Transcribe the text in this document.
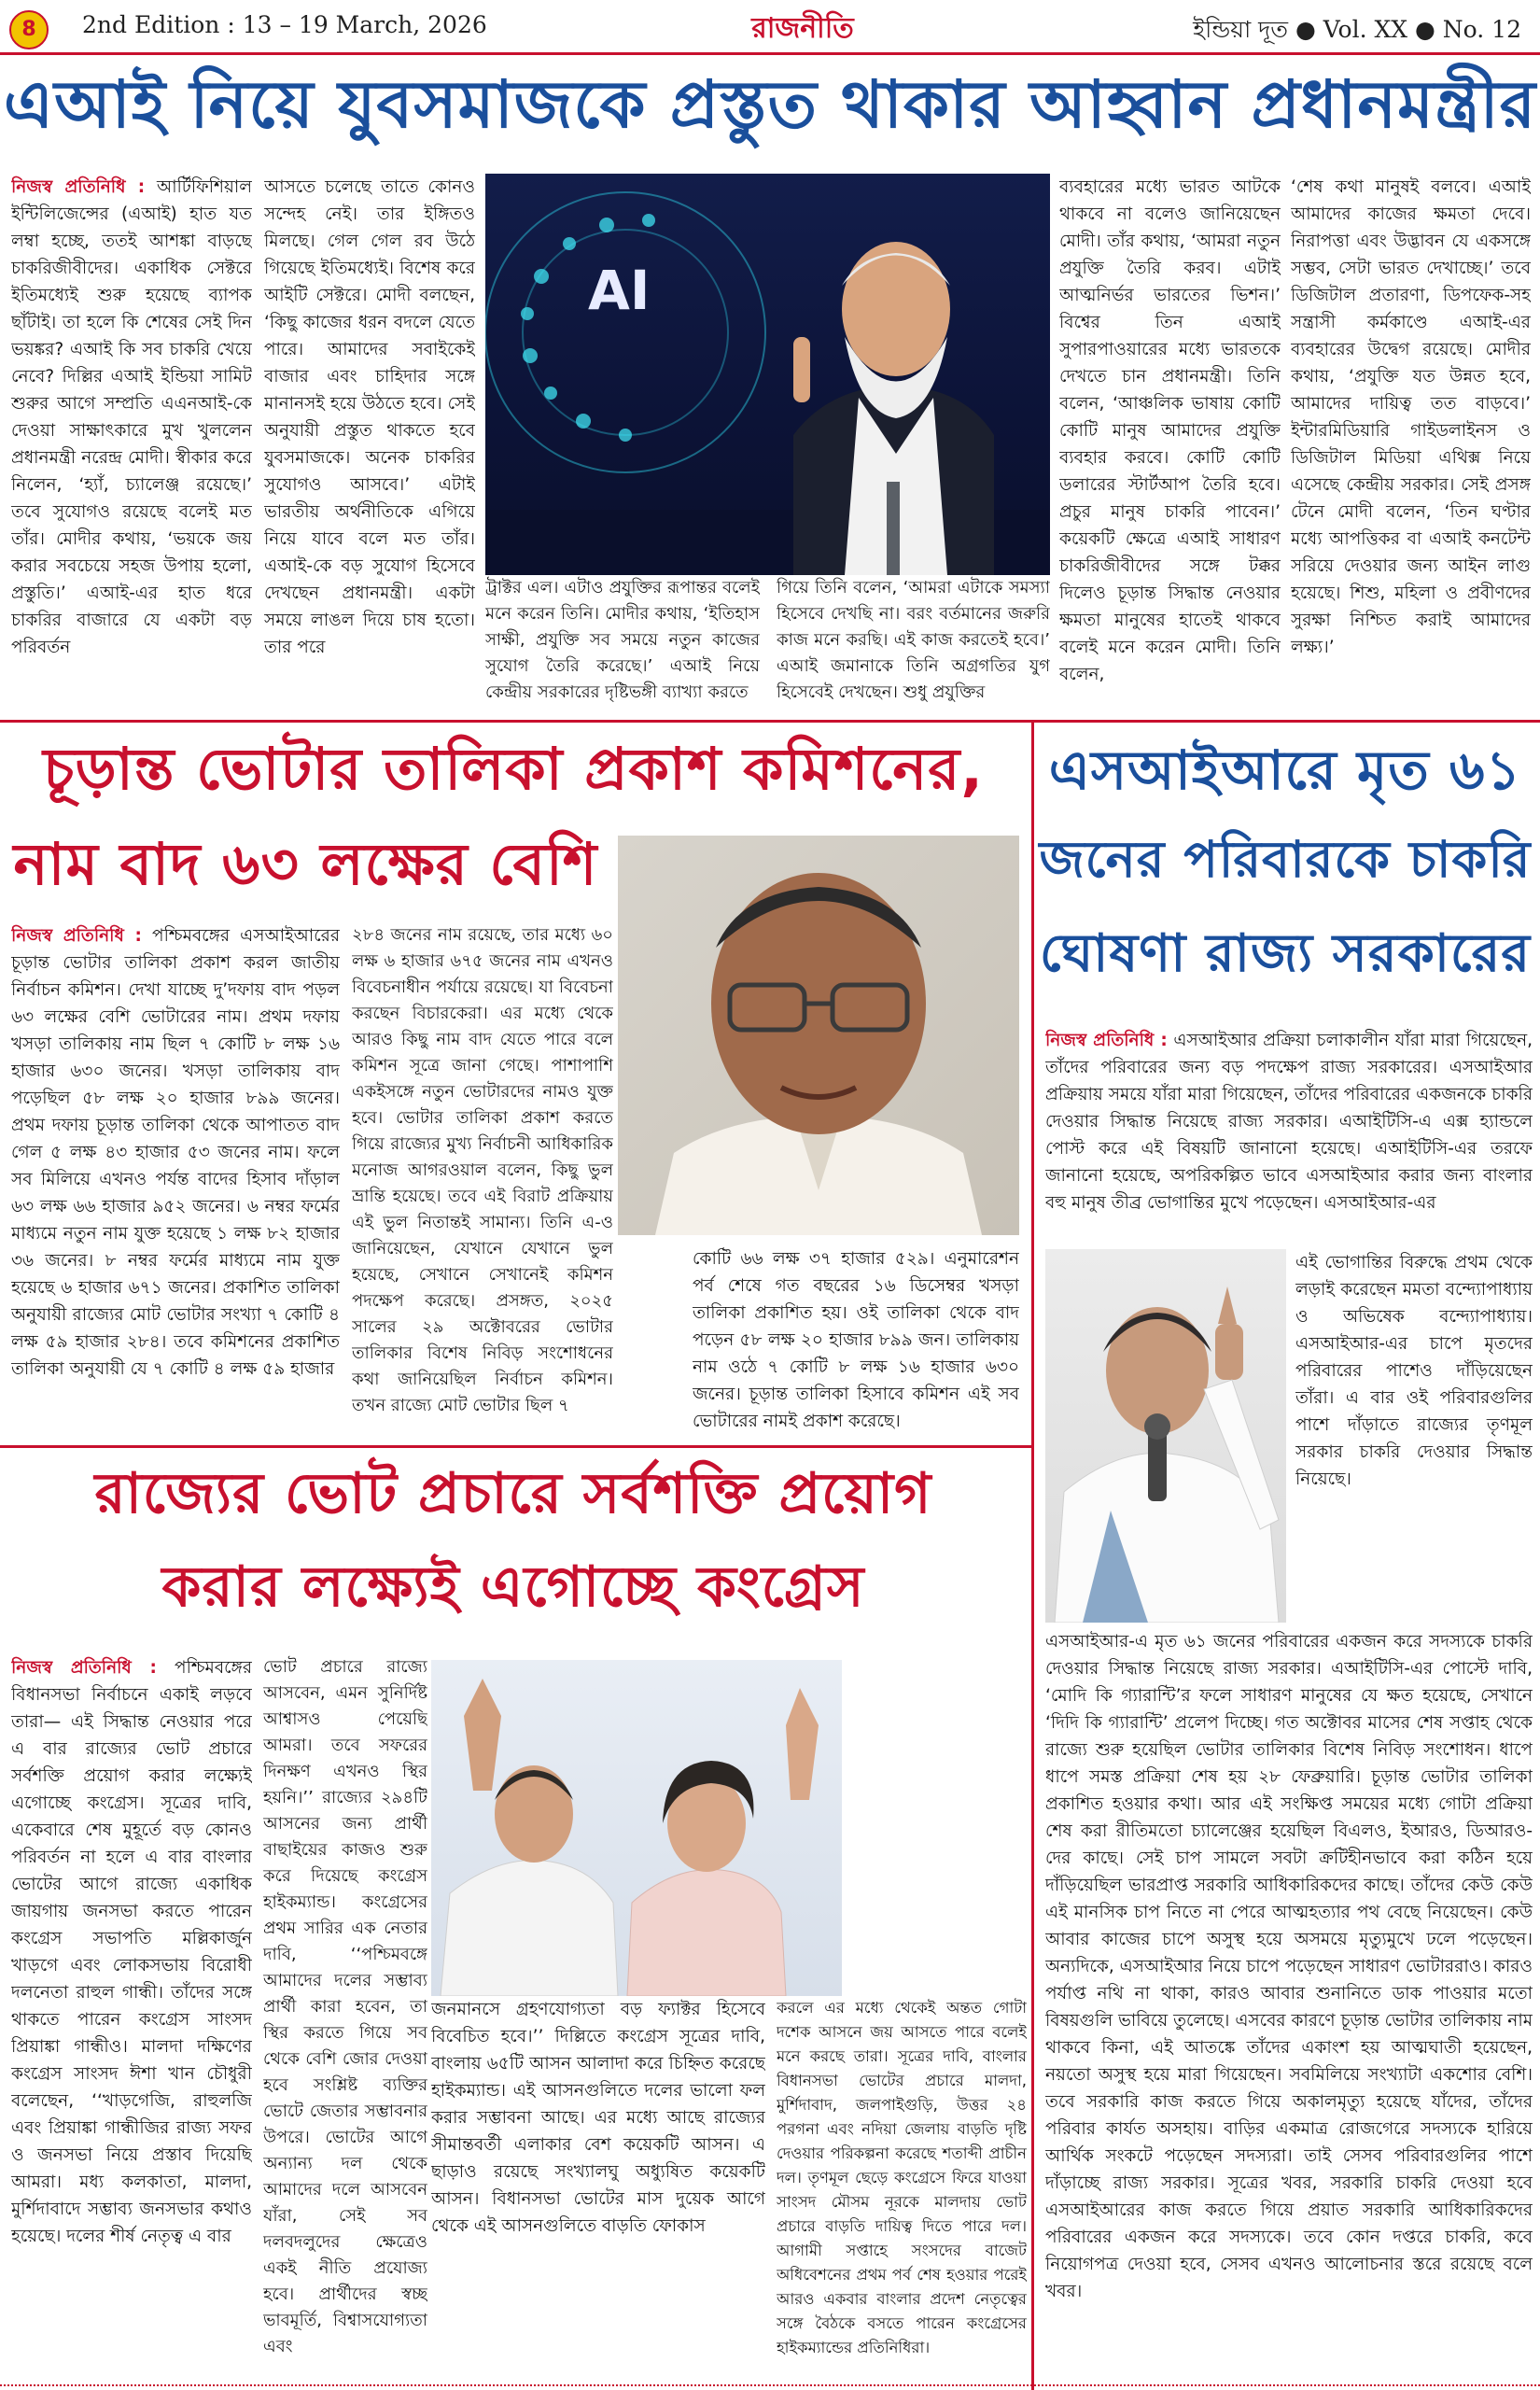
8	2nd Edition : 13 – 19 March, 2026	রাজনীতি	ইন্ডিয়া দূত ● Vol. XX ● No. 12
এআই নিয়ে যুবসমাজকে প্রস্তুত থাকার আহ্বান প্রধানমন্ত্রীর

নিজস্ব প্রতিনিধি : আর্টিফিশিয়াল ইন্টিলিজেন্সের (এআই) হাত যত লম্বা হচ্ছে, ততই আশঙ্কা বাড়ছে চাকরিজীবীদের। একাধিক সেক্টরে ইতিমধ্যেই শুরু হয়েছে ব্যাপক ছাঁটাই। তা হলে কি শেষের সেই দিন ভয়ঙ্কর? এআই কি সব চাকরি খেয়ে নেবে? দিল্লির এআই ইন্ডিয়া সামিট শুরুর আগে সম্প্রতি এএনআই-কে দেওয়া সাক্ষাৎকারে মুখ খুললেন প্রধানমন্ত্রী নরেন্দ্র মোদী। স্বীকার করে নিলেন, ‘হ্যাঁ, চ্যালেঞ্জ রয়েছে।’ তবে সুযোগও রয়েছে বলেই মত তাঁর। মোদীর কথায়, ‘ভয়কে জয় করার সবচেয়ে সহজ উপায় হলো, প্রস্তুতি।’ এআই-এর হাত ধরে চাকরির বাজারে যে একটা বড় পরিবর্তন

আসতে চলেছে তাতে কোনও সন্দেহ নেই। তার ইঙ্গিতও মিলছে। গেল গেল রব উঠে গিয়েছে ইতিমধ্যেই। বিশেষ করে আইটি সেক্টরে। মোদী বলছেন, ‘কিছু কাজের ধরন বদলে যেতে পারে। আমাদের সবাইকেই বাজার এবং চাহিদার সঙ্গে মানানসই হয়ে উঠতে হবে। সেই অনুযায়ী প্রস্তুত থাকতে হবে যুবসমাজকে। অনেক চাকরির সুযোগও আসবে।’ এটাই ভারতীয় অর্থনীতিকে এগিয়ে নিয়ে যাবে বলে মত তাঁর। এআই-কে বড় সুযোগ হিসেবে দেখছেন প্রধানমন্ত্রী। একটা সময়ে লাঙল দিয়ে চাষ হতো। তার পরে
AI
ট্রাক্টর এল। এটাও প্রযুক্তির রূপান্তর বলেই মনে করেন তিনি। মোদীর কথায়, ‘ইতিহাস সাক্ষী, প্রযুক্তি সব সময়ে নতুন কাজের সুযোগ তৈরি করেছে।’ এআই নিয়ে কেন্দ্রীয় সরকারের দৃষ্টিভঙ্গী ব্যাখ্যা করতে
গিয়ে তিনি বলেন, ‘আমরা এটাকে সমস্যা হিসেবে দেখছি না। বরং বর্তমানের জরুরি কাজ মনে করছি। এই কাজ করতেই হবে।’ এআই জমানাকে তিনি অগ্রগতির যুগ হিসেবেই দেখছেন। শুধু প্রযুক্তির
ব্যবহারের মধ্যে ভারত আটকে থাকবে না বলেও জানিয়েছেন মোদী। তাঁর কথায়, ‘আমরা নতুন প্রযুক্তি তৈরি করব। এটাই আত্মনির্ভর ভারতের ভিশন।’ বিশ্বের তিন এআই সুপারপাওয়ারের মধ্যে ভারতকে দেখতে চান প্রধানমন্ত্রী। তিনি বলেন, ‘আঞ্চলিক ভাষায় কোটি কোটি মানুষ আমাদের প্রযুক্তি ব্যবহার করবে। কোটি কোটি ডলারের স্টার্টআপ তৈরি হবে। প্রচুর মানুষ চাকরি পাবেন।’ কয়েকটি ক্ষেত্রে এআই সাধারণ চাকরিজীবীদের সঙ্গে টক্কর দিলেও চূড়ান্ত সিদ্ধান্ত নেওয়ার ক্ষমতা মানুষের হাতেই থাকবে বলেই মনে করেন মোদী। তিনি বলেন,
‘শেষ কথা মানুষই বলবে। এআই আমাদের কাজের ক্ষমতা দেবে। নিরাপত্তা এবং উদ্ভাবন যে একসঙ্গে সম্ভব, সেটা ভারত দেখাচ্ছে।’ তবে ডিজিটাল প্রতারণা, ডিপফেক-সহ সন্ত্রাসী কর্মকাণ্ডে এআই-এর ব্যবহারের উদ্বেগ রয়েছে। মোদীর কথায়, ‘প্রযুক্তি যত উন্নত হবে, আমাদের দায়িত্ব তত বাড়বে।’ ইন্টারমিডিয়ারি গাইডলাইনস ও ডিজিটাল মিডিয়া এথিক্স নিয়ে এসেছে কেন্দ্রীয় সরকার। সেই প্রসঙ্গ টেনে মোদী বলেন, ‘তিন ঘণ্টার মধ্যে আপত্তিকর বা এআই কনটেন্ট সরিয়ে দেওয়ার জন্য আইন লাগু হয়েছে। শিশু, মহিলা ও প্রবীণদের সুরক্ষা নিশ্চিত করাই আমাদের লক্ষ্য।’
চূড়ান্ত ভোটার তালিকা প্রকাশ কমিশনের,
নাম বাদ ৬৩ লক্ষের বেশি

নিজস্ব প্রতিনিধি : পশ্চিমবঙ্গের এসআইআরের চূড়ান্ত ভোটার তালিকা প্রকাশ করল জাতীয় নির্বাচন কমিশন। দেখা যাচ্ছে দু’দফায় বাদ পড়ল ৬৩ লক্ষের বেশি ভোটারের নাম। প্রথম দফায় খসড়া তালিকায় নাম ছিল ৭ কোটি ৮ লক্ষ ১৬ হাজার ৬৩০ জনের। খসড়া তালিকায় বাদ পড়েছিল ৫৮ লক্ষ ২০ হাজার ৮৯৯ জনের। প্রথম দফায় চূড়ান্ত তালিকা থেকে আপাতত বাদ গেল ৫ লক্ষ ৪৩ হাজার ৫৩ জনের নাম। ফলে সব মিলিয়ে এখনও পর্যন্ত বাদের হিসাব দাঁড়াল ৬৩ লক্ষ ৬৬ হাজার ৯৫২ জনের। ৬ নম্বর ফর্মের মাধ্যমে নতুন নাম যুক্ত হয়েছে ১ লক্ষ ৮২ হাজার ৩৬ জনের। ৮ নম্বর ফর্মের মাধ্যমে নাম যুক্ত হয়েছে ৬ হাজার ৬৭১ জনের। প্রকাশিত তালিকা অনুযায়ী রাজ্যের মোট ভোটার সংখ্যা ৭ কোটি ৪ লক্ষ ৫৯ হাজার ২৮৪। তবে কমিশনের প্রকাশিত তালিকা অনুযায়ী যে ৭ কোটি ৪ লক্ষ ৫৯ হাজার

২৮৪ জনের নাম রয়েছে, তার মধ্যে ৬০ লক্ষ ৬ হাজার ৬৭৫ জনের নাম এখনও বিবেচনাধীন পর্যায়ে রয়েছে। যা বিবেচনা করছেন বিচারকেরা। এর মধ্যে থেকে আরও কিছু নাম বাদ যেতে পারে বলে কমিশন সূত্রে জানা গেছে। পাশাপাশি একইসঙ্গে নতুন ভোটারদের নামও যুক্ত হবে। ভোটার তালিকা প্রকাশ করতে গিয়ে রাজ্যের মুখ্য নির্বাচনী আধিকারিক মনোজ আগরওয়াল বলেন, কিছু ভুল ভ্রান্তি হয়েছে। তবে এই বিরাট প্রক্রিয়ায় এই ভুল নিতান্তই সামান্য। তিনি এ-ও জানিয়েছেন, যেখানে যেখানে ভুল হয়েছে, সেখানে সেখানেই কমিশন পদক্ষেপ করেছে। প্রসঙ্গত, ২০২৫ সালের ২৯ অক্টোবরের ভোটার তালিকার বিশেষ নিবিড় সংশোধনের কথা জানিয়েছিল নির্বাচন কমিশন। তখন রাজ্যে মোট ভোটার ছিল ৭
কোটি ৬৬ লক্ষ ৩৭ হাজার ৫২৯। এনুমারেশন পর্ব শেষে গত বছরের ১৬ ডিসেম্বর খসড়া তালিকা প্রকাশিত হয়। ওই তালিকা থেকে বাদ পড়েন ৫৮ লক্ষ ২০ হাজার ৮৯৯ জন। তালিকায় নাম ওঠে ৭ কোটি ৮ লক্ষ ১৬ হাজার ৬৩০ জনের। চূড়ান্ত তালিকা হিসাবে কমিশন এই সব ভোটারের নামই প্রকাশ করেছে।
এসআইআরে মৃত ৬১
জনের পরিবারকে চাকরি
ঘোষণা রাজ্য সরকারের

নিজস্ব প্রতিনিধি : এসআইআর প্রক্রিয়া চলাকালীন যাঁরা মারা গিয়েছেন, তাঁদের পরিবারের জন্য বড় পদক্ষেপ রাজ্য সরকারের। এসআইআর প্রক্রিয়ায় সময়ে যাঁরা মারা গিয়েছেন, তাঁদের পরিবারের একজনকে চাকরি দেওয়ার সিদ্ধান্ত নিয়েছে রাজ্য সরকার। এআইটিসি-এ এক্স হ্যান্ডলে পোস্ট করে এই বিষয়টি জানানো হয়েছে। এআইটিসি-এর তরফে জানানো হয়েছে, অপরিকল্পিত ভাবে এসআইআর করার জন্য বাংলার বহু মানুষ তীব্র ভোগান্তির মুখে পড়েছেন। এসআইআর-এর

এই ভোগান্তির বিরুদ্ধে প্রথম থেকে লড়াই করেছেন মমতা বন্দ্যোপাধ্যায় ও অভিষেক বন্দ্যোপাধ্যায়। এসআইআর-এর চাপে মৃতদের পরিবারের পাশেও দাঁড়িয়েছেন তাঁরা। এ বার ওই পরিবারগুলির পাশে দাঁড়াতে রাজ্যের তৃণমূল সরকার চাকরি দেওয়ার সিদ্ধান্ত নিয়েছে।
এসআইআর-এ মৃত ৬১ জনের পরিবারের একজন করে সদস্যকে চাকরি দেওয়ার সিদ্ধান্ত নিয়েছে রাজ্য সরকার। এআইটিসি-এর পোস্টে দাবি, ‘মোদি কি গ্যারান্টি’র ফলে সাধারণ মানুষের যে ক্ষত হয়েছে, সেখানে ‘দিদি কি গ্যারান্টি’ প্রলেপ দিচ্ছে। গত অক্টোবর মাসের শেষ সপ্তাহ থেকে রাজ্যে শুরু হয়েছিল ভোটার তালিকার বিশেষ নিবিড় সংশোধন। ধাপে ধাপে সমস্ত প্রক্রিয়া শেষ হয় ২৮ ফেব্রুয়ারি। চূড়ান্ত ভোটার তালিকা প্রকাশিত হওয়ার কথা। আর এই সংক্ষিপ্ত সময়ের মধ্যে গোটা প্রক্রিয়া শেষ করা রীতিমতো চ্যালেঞ্জের হয়েছিল বিএলও, ইআরও, ডিআরও-দের কাছে। সেই চাপ সামলে সবটা ক্রটিহীনভাবে করা কঠিন হয়ে দাঁড়িয়েছিল ভারপ্রাপ্ত সরকারি আধিকারিকদের কাছে। তাঁদের কেউ কেউ এই মানসিক চাপ নিতে না পেরে আত্মহত্যার পথ বেছে নিয়েছেন। কেউ আবার কাজের চাপে অসুস্থ হয়ে অসময়ে মৃত্যুমুখে ঢলে পড়েছেন। অন্যদিকে, এসআইআর নিয়ে চাপে পড়েছেন সাধারণ ভোটাররাও। কারও পর্যাপ্ত নথি না থাকা, কারও আবার শুনানিতে ডাক পাওয়ার মতো বিষয়গুলি ভাবিয়ে তুলেছে। এসবের কারণে চূড়ান্ত ভোটার তালিকায় নাম থাকবে কিনা, এই আতঙ্কে তাঁদের একাংশ হয় আত্মঘাতী হয়েছেন, নয়তো অসুস্থ হয়ে মারা গিয়েছেন। সবমিলিয়ে সংখ্যাটা একশোর বেশি। তবে সরকারি কাজ করতে গিয়ে অকালমৃত্যু হয়েছে যাঁদের, তাঁদের পরিবার কার্যত অসহায়। বাড়ির একমাত্র রোজগেরে সদস্যকে হারিয়ে আর্থিক সংকটে পড়েছেন সদস্যরা। তাই সেসব পরিবারগুলির পাশে দাঁড়াচ্ছে রাজ্য সরকার। সূত্রের খবর, সরকারি চাকরি দেওয়া হবে এসআইআরের কাজ করতে গিয়ে প্রয়াত সরকারি আধিকারিকদের পরিবারের একজন করে সদস্যকে। তবে কোন দপ্তরে চাকরি, কবে নিয়োগপত্র দেওয়া হবে, সেসব এখনও আলোচনার স্তরে রয়েছে বলে খবর।
রাজ্যের ভোট প্রচারে সর্বশক্তি প্রয়োগ
করার লক্ষ্যেই এগোচ্ছে কংগ্রেস

নিজস্ব প্রতিনিধি : পশ্চিমবঙ্গের বিধানসভা নির্বাচনে একাই লড়বে তারা— এই সিদ্ধান্ত নেওয়ার পরে এ বার রাজ্যের ভোট প্রচারে সর্বশক্তি প্রয়োগ করার লক্ষ্যেই এগোচ্ছে কংগ্রেস। সূত্রের দাবি, একেবারে শেষ মুহূর্তে বড় কোনও পরিবর্তন না হলে এ বার বাংলার ভোটের আগে রাজ্যে একাধিক জায়গায় জনসভা করতে পারেন কংগ্রেস সভাপতি মল্লিকার্জুন খাড়গে এবং লোকসভায় বিরোধী দলনেতা রাহুল গান্ধী। তাঁদের সঙ্গে থাকতে পারেন কংগ্রেস সাংসদ প্রিয়াঙ্কা গান্ধীও। মালদা দক্ষিণের কংগ্রেস সাংসদ ঈশা খান চৌধুরী বলেছেন, ‘‘খাড়গেজি, রাহুলজি এবং প্রিয়াঙ্কা গান্ধীজির রাজ্য সফর ও জনসভা নিয়ে প্রস্তাব দিয়েছি আমরা। মধ্য কলকাতা, মালদা, মুর্শিদাবাদে সম্ভাব্য জনসভার কথাও হয়েছে। দলের শীর্ষ নেতৃত্ব এ বার

ভোট প্রচারে রাজ্যে আসবেন, এমন সুনির্দিষ্ট আশ্বাসও পেয়েছি আমরা। তবে সফরের দিনক্ষণ এখনও স্থির হয়নি।’’ রাজ্যের ২৯৪টি আসনের জন্য প্রার্থী বাছাইয়ের কাজও শুরু করে দিয়েছে কংগ্রেস হাইকম্যান্ড। কংগ্রেসের প্রথম সারির এক নেতার দাবি, ‘‘পশ্চিমবঙ্গে আমাদের দলের সম্ভাব্য প্রার্থী কারা হবেন, তা স্থির করতে গিয়ে সব থেকে বেশি জোর দেওয়া হবে সংশ্লিষ্ট ব্যক্তির ভোটে জেতার সম্ভাবনার উপরে। ভোটের আগে অন্যান্য দল থেকে আমাদের দলে আসবেন যাঁরা, সেই সব দলবদলুদের ক্ষেত্রেও একই নীতি প্রযোজ্য হবে। প্রার্থীদের স্বচ্ছ ভাবমূর্তি, বিশ্বাসযোগ্যতা এবং
জনমানসে গ্রহণযোগ্যতা বড় ফ্যাক্টর হিসেবে বিবেচিত হবে।’’ দিল্লিতে কংগ্রেস সূত্রের দাবি, বাংলায় ৬৫টি আসন আলাদা করে চিহ্নিত করেছে হাইকম্যান্ড। এই আসনগুলিতে দলের ভালো ফল করার সম্ভাবনা আছে। এর মধ্যে আছে রাজ্যের সীমান্তবর্তী এলাকার বেশ কয়েকটি আসন। এ ছাড়াও রয়েছে সংখ্যালঘু অধ্যুষিত কয়েকটি আসন। বিধানসভা ভোটের মাস দুয়েক আগে থেকে এই আসনগুলিতে বাড়তি ফোকাস
করলে এর মধ্যে থেকেই অন্তত গোটা দশেক আসনে জয় আসতে পারে বলেই মনে করছে তারা। সূত্রের দাবি, বাংলার বিধানসভা ভোটের প্রচারে মালদা, মুর্শিদাবাদ, জলপাইগুড়ি, উত্তর ২৪ পরগনা এবং নদিয়া জেলায় বাড়তি দৃষ্টি দেওয়ার পরিকল্পনা করেছে শতাব্দী প্রাচীন দল। তৃণমূল ছেড়ে কংগ্রেসে ফিরে যাওয়া সাংসদ মৌসম নূরকে মালদায় ভোট প্রচারে বাড়তি দায়িত্ব দিতে পারে দল। আগামী সপ্তাহে সংসদের বাজেট অধিবেশনের প্রথম পর্ব শেষ হওয়ার পরেই আরও একবার বাংলার প্রদেশ নেতৃত্বের সঙ্গে বৈঠকে বসতে পারেন কংগ্রেসের হাইকম্যান্ডের প্রতিনিধিরা।
